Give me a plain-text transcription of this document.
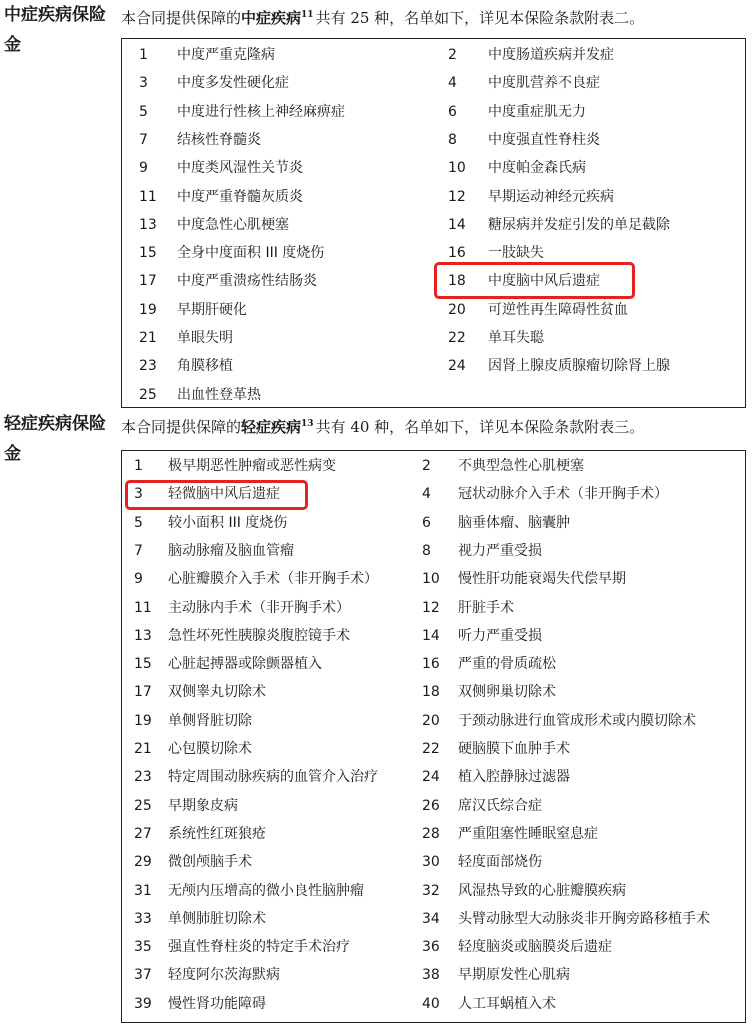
中症疾病保险金
本合同提供保障的中症疾病$^{11}$ 共有 25 种，名单如下，详见本保险条款附表二。
1 中度严重克隆病	2 中度肠道疾病并发症
3 中度多发性硬化症	4 中度肌营养不良症
5 中度进行性核上神经麻痹症	6 中度重症肌无力
7 结核性脊髓炎	8 中度强直性脊柱炎
9 中度类风湿性关节炎	10 中度帕金森氏病
11 中度严重脊髓灰质炎	12 早期运动神经元疾病
13 中度急性心肌梗塞	14 糖尿病并发症引发的单足截除
15 全身中度面积 III 度烧伤	16 一肢缺失
17 中度严重溃疡性结肠炎	18 中度脑中风后遗症
19 早期肝硬化	20 可逆性再生障碍性贫血
21 单眼失明	22 单耳失聪
23 角膜移植	24 因肾上腺皮质腺瘤切除肾上腺
25 出血性登革热
轻症疾病保险金
本合同提供保障的轻症疾病$^{13}$ 共有 40 种，名单如下，详见本保险条款附表三。
1 极早期恶性肿瘤或恶性病变	2 不典型急性心肌梗塞
3 轻微脑中风后遗症	4 冠状动脉介入手术（非开胸手术）
5 较小面积 III 度烧伤	6 脑垂体瘤、脑囊肿
7 脑动脉瘤及脑血管瘤	8 视力严重受损
9 心脏瓣膜介入手术（非开胸手术）	10 慢性肝功能衰竭失代偿早期
11 主动脉内手术（非开胸手术）	12 肝脏手术
13 急性坏死性胰腺炎腹腔镜手术	14 听力严重受损
15 心脏起搏器或除颤器植入	16 严重的骨质疏松
17 双侧睾丸切除术	18 双侧卵巢切除术
19 单侧肾脏切除	20 于颈动脉进行血管成形术或内膜切除术
21 心包膜切除术	22 硬脑膜下血肿手术
23 特定周围动脉疾病的血管介入治疗	24 植入腔静脉过滤器
25 早期象皮病	26 席汉氏综合症
27 系统性红斑狼疮	28 严重阻塞性睡眠窒息症
29 微创颅脑手术	30 轻度面部烧伤
31 无颅内压增高的微小良性脑肿瘤	32 风湿热导致的心脏瓣膜疾病
33 单侧肺脏切除术	34 头臂动脉型大动脉炎非开胸旁路移植手术
35 强直性脊柱炎的特定手术治疗	36 轻度脑炎或脑膜炎后遗症
37 轻度阿尔茨海默病	38 早期原发性心肌病
39 慢性肾功能障碍	40 人工耳蜗植入术
